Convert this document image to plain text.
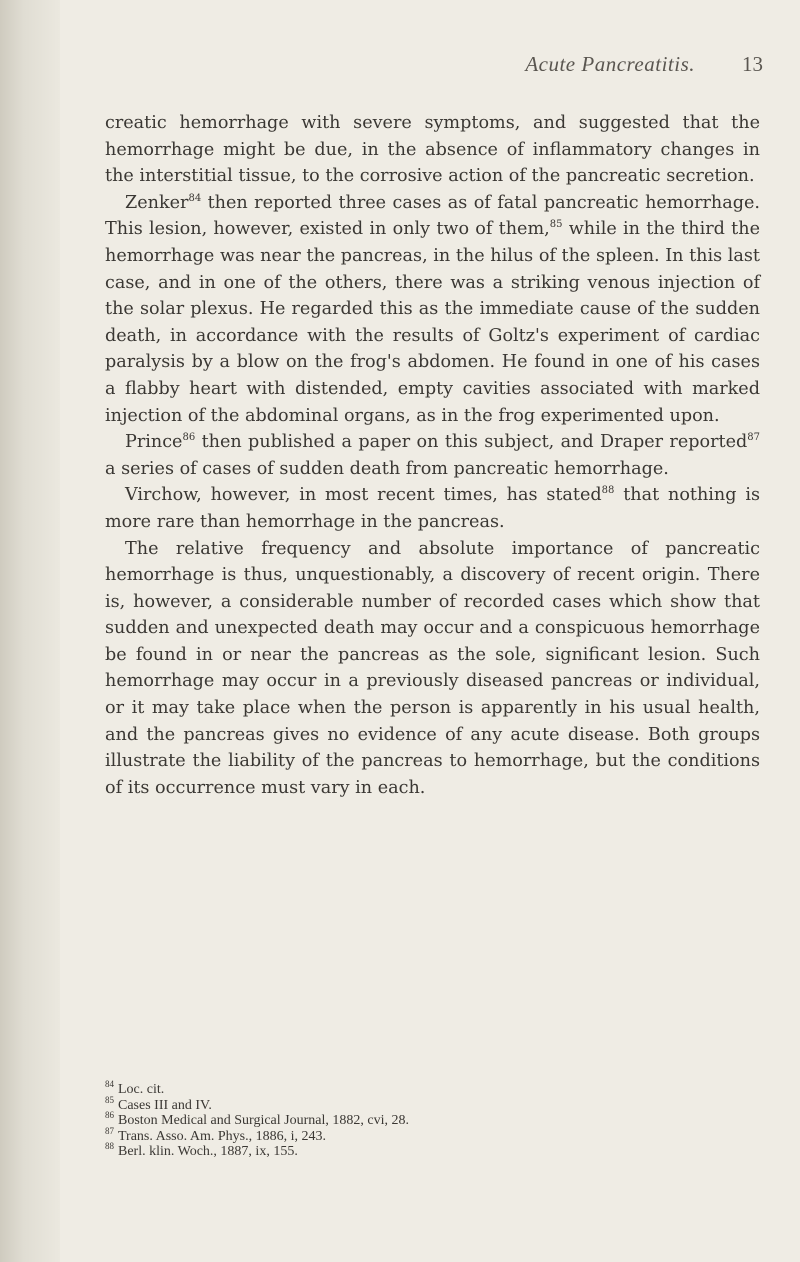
Acute Pancreatitis. 13

creatic hemorrhage with severe symptoms, and suggested that the hemorrhage might be due, in the absence of inflammatory changes in the interstitial tissue, to the corrosive action of the pancreatic secretion.

Zenker$^{84}$ then reported three cases as of fatal pancreatic hemorrhage. This lesion, however, existed in only two of them,$^{85}$ while in the third the hemorrhage was near the pancreas, in the hilus of the spleen. In this last case, and in one of the others, there was a striking venous injection of the solar plexus. He regarded this as the immediate cause of the sudden death, in accordance with the results of Goltz's experiment of cardiac paralysis by a blow on the frog's abdomen. He found in one of his cases a flabby heart with distended, empty cavities associated with marked injection of the abdominal organs, as in the frog experimented upon.

Prince$^{86}$ then published a paper on this subject, and Draper reported$^{87}$ a series of cases of sudden death from pancreatic hemorrhage.

Virchow, however, in most recent times, has stated$^{88}$ that nothing is more rare than hemorrhage in the pancreas.

The relative frequency and absolute importance of pancreatic hemorrhage is thus, unquestionably, a discovery of recent origin. There is, however, a considerable number of recorded cases which show that sudden and unexpected death may occur and a conspicuous hemorrhage be found in or near the pancreas as the sole, significant lesion. Such hemorrhage may occur in a previously diseased pancreas or individual, or it may take place when the person is apparently in his usual health, and the pancreas gives no evidence of any acute disease. Both groups illustrate the liability of the pancreas to hemorrhage, but the conditions of its occurrence must vary in each.

$^{84}$ Loc. cit.
$^{85}$ Cases III and IV.
$^{86}$ Boston Medical and Surgical Journal, 1882, cvi, 28.
$^{87}$ Trans. Asso. Am. Phys., 1886, i, 243.
$^{88}$ Berl. klin. Woch., 1887, ix, 155.
